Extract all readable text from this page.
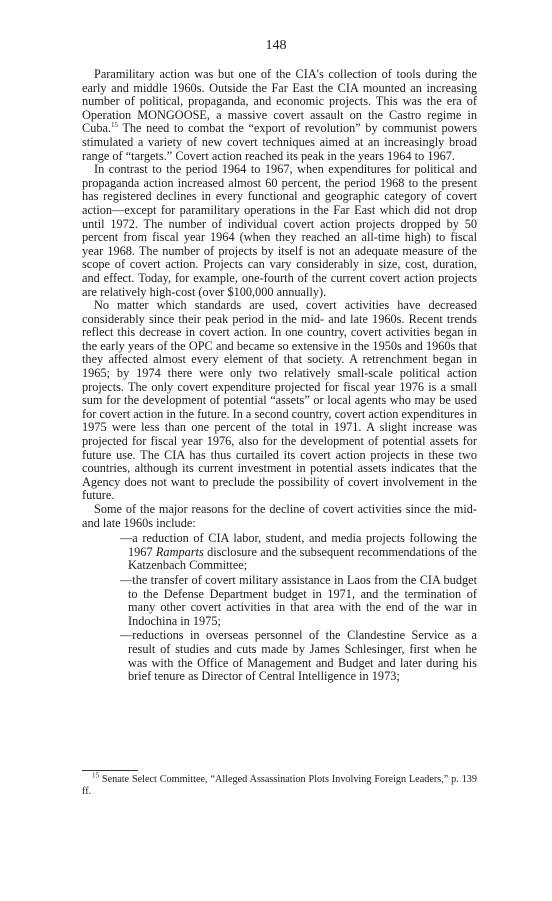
148

Paramilitary action was but one of the CIA's collection of tools during the early and middle 1960s. Outside the Far East the CIA mounted an increasing number of political, propaganda, and economic projects. This was the era of Operation MONGOOSE, a massive covert assault on the Castro regime in Cuba.$^{15}$ The need to combat the “export of revolution” by communist powers stimulated a variety of new covert techniques aimed at an increasingly broad range of “targets.” Covert action reached its peak in the years 1964 to 1967.

In contrast to the period 1964 to 1967, when expenditures for political and propaganda action increased almost 60 percent, the period 1968 to the present has registered declines in every functional and geographic category of covert action—except for paramilitary operations in the Far East which did not drop until 1972. The number of individual covert action projects dropped by 50 percent from fiscal year 1964 (when they reached an all-time high) to fiscal year 1968. The number of projects by itself is not an adequate measure of the scope of covert action. Projects can vary considerably in size, cost, duration, and effect. Today, for example, one-fourth of the current covert action projects are relatively high-cost (over $100,000 annually).

No matter which standards are used, covert activities have decreased considerably since their peak period in the mid- and late 1960s. Recent trends reflect this decrease in covert action. In one country, covert activities began in the early years of the OPC and became so extensive in the 1950s and 1960s that they affected almost every element of that society. A retrenchment began in 1965; by 1974 there were only two relatively small-scale political action projects. The only covert expenditure projected for fiscal year 1976 is a small sum for the development of potential “assets” or local agents who may be used for covert action in the future. In a second country, covert action expenditures in 1975 were less than one percent of the total in 1971. A slight increase was projected for fiscal year 1976, also for the development of potential assets for future use. The CIA has thus curtailed its covert action projects in these two countries, although its current investment in potential assets indicates that the Agency does not want to preclude the possibility of covert involvement in the future.

Some of the major reasons for the decline of covert activities since the mid- and late 1960s include:

—a reduction of CIA labor, student, and media projects following the 1967 Ramparts disclosure and the subsequent recommendations of the Katzenbach Committee;
—the transfer of covert military assistance in Laos from the CIA budget to the Defense Department budget in 1971, and the termination of many other covert activities in that area with the end of the war in Indochina in 1975;
—reductions in overseas personnel of the Clandestine Service as a result of studies and cuts made by James Schlesinger, first when he was with the Office of Management and Budget and later during his brief tenure as Director of Central Intelligence in 1973;
$^{15}$ Senate Select Committee, “Alleged Assassination Plots Involving Foreign Leaders,” p. 139 ff.
